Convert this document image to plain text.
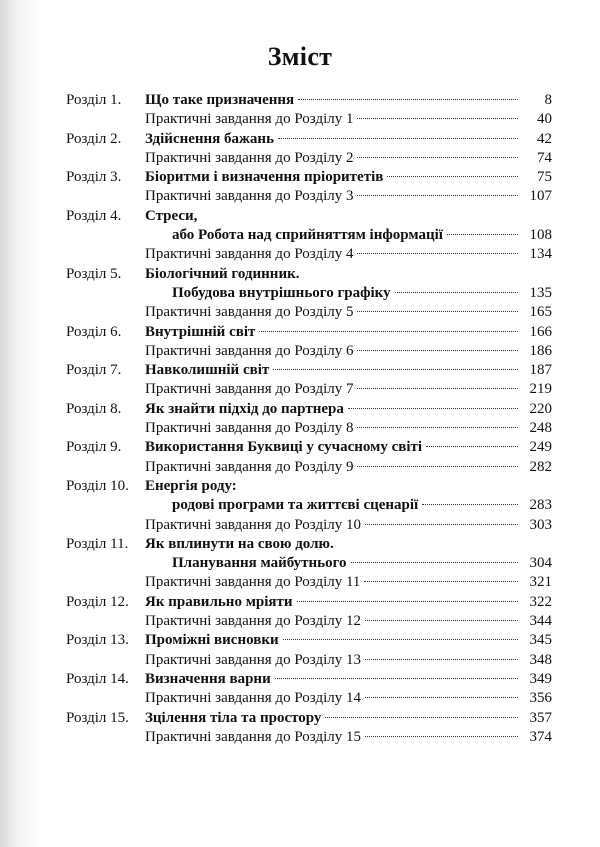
Зміст
Розділ 1. Що таке призначення	8
Практичні завдання до Розділу 1	40
Розділ 2. Здійснення бажань	42
Практичні завдання до Розділу 2	74
Розділ 3. Біоритми і визначення пріоритетів	75
Практичні завдання до Розділу 3	107
Розділ 4. Стреси,
або Робота над сприйняттям інформації	108
Практичні завдання до Розділу 4	134
Розділ 5. Біологічний годинник.
Побудова внутрішнього графіку	135
Практичні завдання до Розділу 5	165
Розділ 6. Внутрішній світ	166
Практичні завдання до Розділу 6	186
Розділ 7. Навколишній світ	187
Практичні завдання до Розділу 7	219
Розділ 8. Як знайти підхід до партнера	220
Практичні завдання до Розділу 8	248
Розділ 9. Використання Буквиці у сучасному світі	249
Практичні завдання до Розділу 9	282
Розділ 10. Енергія роду:
родові програми та життєві сценарії	283
Практичні завдання до Розділу 10	303
Розділ 11. Як вплинути на свою долю.
Планування майбутнього	304
Практичні завдання до Розділу 11	321
Розділ 12. Як правильно мріяти	322
Практичні завдання до Розділу 12	344
Розділ 13. Проміжні висновки	345
Практичні завдання до Розділу 13	348
Розділ 14. Визначення варни	349
Практичні завдання до Розділу 14	356
Розділ 15. Зцілення тіла та простору	357
Практичні завдання до Розділу 15	374
